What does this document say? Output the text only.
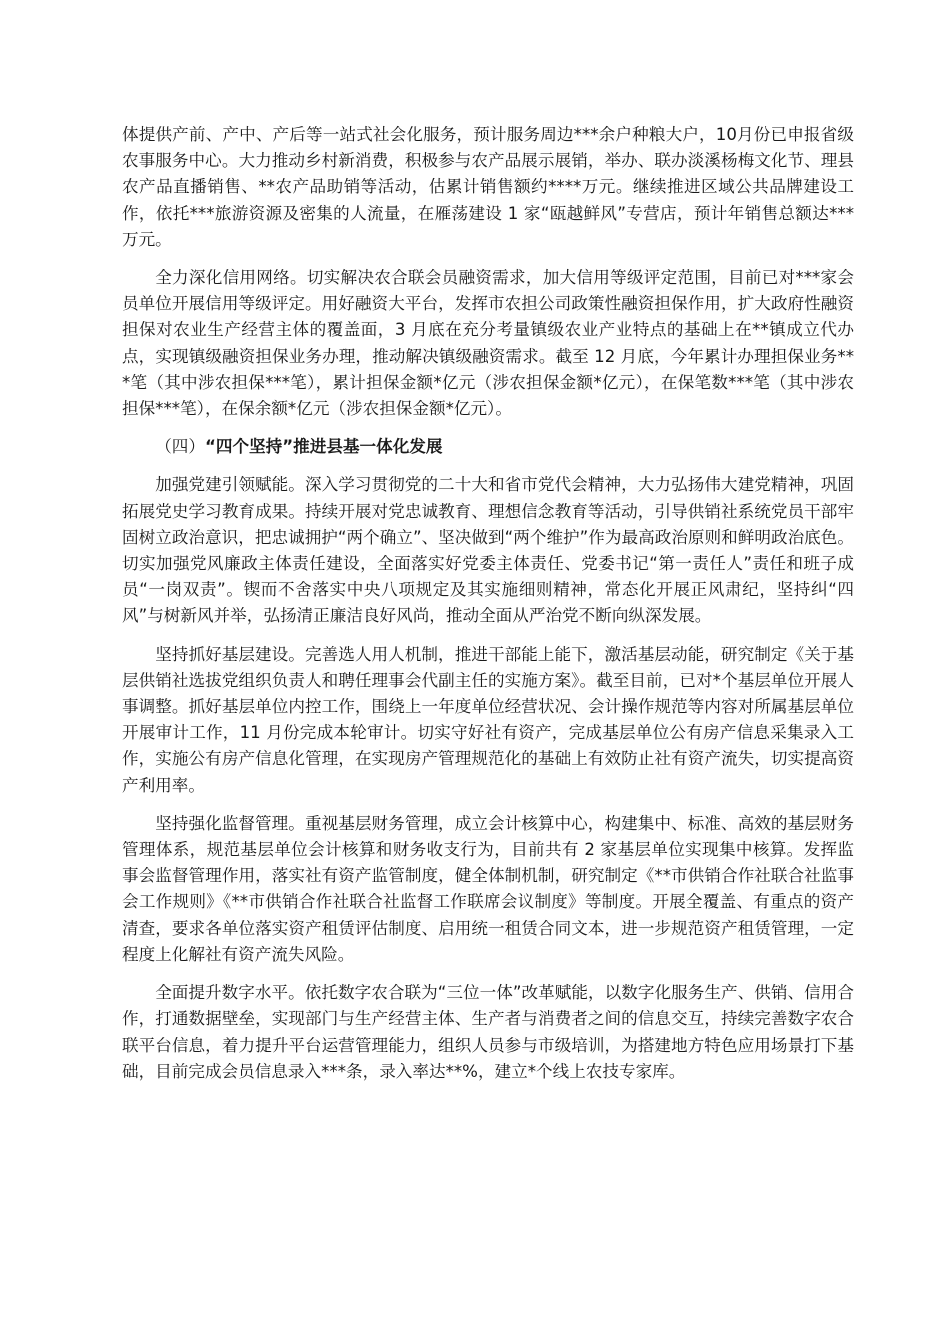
体提供产前、产中、产后等一站式社会化服务，预计服务周边***余户种粮大户，10月份已申报省级农事服务中心。大力推动乡村新消费，积极参与农产品展示展销，举办、联办淡溪杨梅文化节、理县农产品直播销售、**农产品助销等活动，估累计销售额约****万元。继续推进区域公共品牌建设工作，依托***旅游资源及密集的人流量，在雁荡建设 1 家“瓯越鲜风”专营店，预计年销售总额达***万元。

全力深化信用网络。切实解决农合联会员融资需求，加大信用等级评定范围，目前已对***家会员单位开展信用等级评定。用好融资大平台，发挥市农担公司政策性融资担保作用，扩大政府性融资担保对农业生产经营主体的覆盖面，3 月底在充分考量镇级农业产业特点的基础上在**镇成立代办点，实现镇级融资担保业务办理，推动解决镇级融资需求。截至 12 月底，今年累计办理担保业务***笔（其中涉农担保***笔），累计担保金额*亿元（涉农担保金额*亿元），在保笔数***笔（其中涉农担保***笔），在保余额*亿元（涉农担保金额*亿元）。

（四）“四个坚持”推进县基一体化发展

加强党建引领赋能。深入学习贯彻党的二十大和省市党代会精神，大力弘扬伟大建党精神，巩固拓展党史学习教育成果。持续开展对党忠诚教育、理想信念教育等活动，引导供销社系统党员干部牢固树立政治意识，把忠诚拥护“两个确立”、坚决做到“两个维护”作为最高政治原则和鲜明政治底色。切实加强党风廉政主体责任建设，全面落实好党委主体责任、党委书记“第一责任人”责任和班子成员“一岗双责”。锲而不舍落实中央八项规定及其实施细则精神，常态化开展正风肃纪，坚持纠“四风”与树新风并举，弘扬清正廉洁良好风尚，推动全面从严治党不断向纵深发展。

坚持抓好基层建设。完善选人用人机制，推进干部能上能下，激活基层动能，研究制定《关于基层供销社选拔党组织负责人和聘任理事会代副主任的实施方案》。截至目前，已对*个基层单位开展人事调整。抓好基层单位内控工作，围绕上一年度单位经营状况、会计操作规范等内容对所属基层单位开展审计工作，11 月份完成本轮审计。切实守好社有资产，完成基层单位公有房产信息采集录入工作，实施公有房产信息化管理，在实现房产管理规范化的基础上有效防止社有资产流失，切实提高资产利用率。

坚持强化监督管理。重视基层财务管理，成立会计核算中心，构建集中、标准、高效的基层财务管理体系，规范基层单位会计核算和财务收支行为，目前共有 2 家基层单位实现集中核算。发挥监事会监督管理作用，落实社有资产监管制度，健全体制机制，研究制定《**市供销合作社联合社监事会工作规则》《**市供销合作社联合社监督工作联席会议制度》等制度。开展全覆盖、有重点的资产清查，要求各单位落实资产租赁评估制度、启用统一租赁合同文本，进一步规范资产租赁管理，一定程度上化解社有资产流失风险。

全面提升数字水平。依托数字农合联为“三位一体”改革赋能，以数字化服务生产、供销、信用合作，打通数据壁垒，实现部门与生产经营主体、生产者与消费者之间的信息交互，持续完善数字农合联平台信息，着力提升平台运营管理能力，组织人员参与市级培训，为搭建地方特色应用场景打下基础，目前完成会员信息录入***条，录入率达**%，建立*个线上农技专家库。
